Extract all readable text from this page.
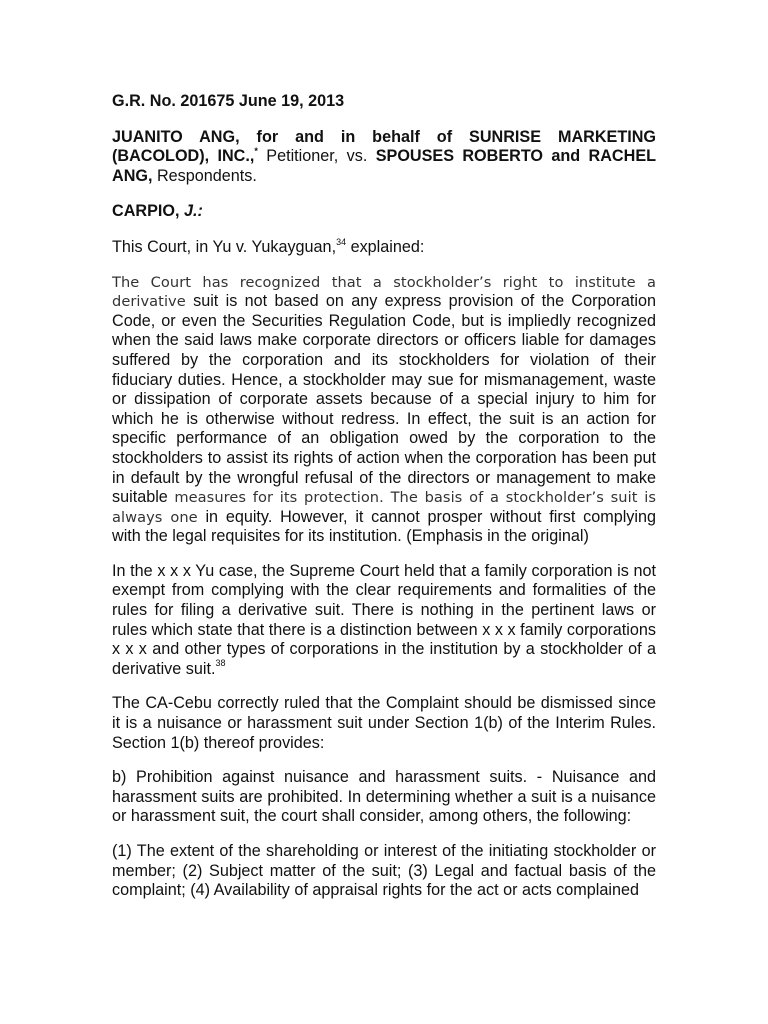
G.R. No. 201675 June 19, 2013

JUANITO ANG, for and in behalf of SUNRISE MARKETING (BACOLOD), INC.,* Petitioner, vs. SPOUSES ROBERTO and RACHEL ANG, Respondents.

CARPIO, J.:

This Court, in Yu v. Yukayguan,$^{34}$ explained:

The Court has recognized that a stockholder’s right to institute a derivative suit is not based on any express provision of the Corporation Code, or even the Securities Regulation Code, but is impliedly recognized when the said laws make corporate directors or officers liable for damages suffered by the corporation and its stockholders for violation of their fiduciary duties. Hence, a stockholder may sue for mismanagement, waste or dissipation of corporate assets because of a special injury to him for which he is otherwise without redress. In effect, the suit is an action for specific performance of an obligation owed by the corporation to the stockholders to assist its rights of action when the corporation has been put in default by the wrongful refusal of the directors or management to make suitable measures for its protection. The basis of a stockholder’s suit is always one in equity. However, it cannot prosper without first complying with the legal requisites for its institution. (Emphasis in the original)

In the x x x Yu case, the Supreme Court held that a family corporation is not exempt from complying with the clear requirements and formalities of the rules for filing a derivative suit. There is nothing in the pertinent laws or rules which state that there is a distinction between x x x family corporations x x x and other types of corporations in the institution by a stockholder of a derivative suit.$^{38}$

The CA-Cebu correctly ruled that the Complaint should be dismissed since it is a nuisance or harassment suit under Section 1(b) of the Interim Rules. Section 1(b) thereof provides:

b) Prohibition against nuisance and harassment suits. - Nuisance and harassment suits are prohibited. In determining whether a suit is a nuisance or harassment suit, the court shall consider, among others, the following:

(1) The extent of the shareholding or interest of the initiating stockholder or member; (2) Subject matter of the suit; (3) Legal and factual basis of the complaint; (4) Availability of appraisal rights for the act or acts complained
